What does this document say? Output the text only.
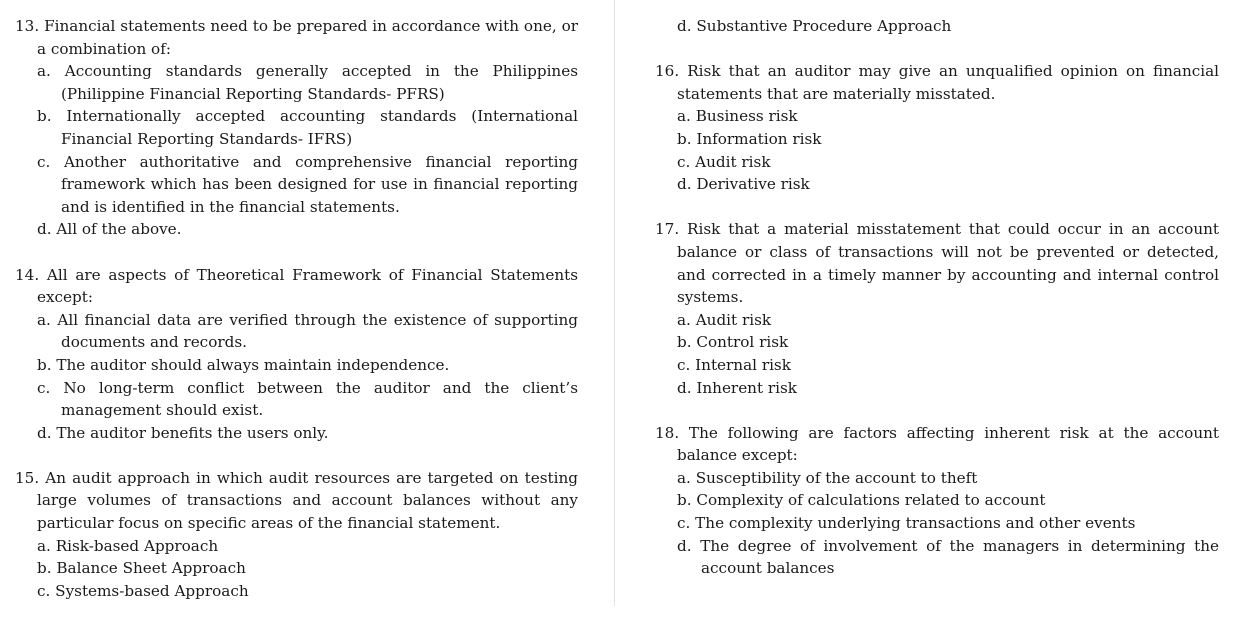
13. Financial statements need to be prepared in accordance with one, or a combination of:
a. Accounting standards generally accepted in the Philippines (Philippine Financial Reporting Standards- PFRS)
b. Internationally accepted accounting standards (International Financial Reporting Standards- IFRS)
c. Another authoritative and comprehensive financial reporting framework which has been designed for use in financial reporting and is identified in the financial statements.
d. All of the above.
14. All are aspects of Theoretical Framework of Financial Statements except:
a. All financial data are verified through the existence of supporting documents and records.
b. The auditor should always maintain independence.
c. No long-term conflict between the auditor and the client’s management should exist.
d. The auditor benefits the users only.
15. An audit approach in which audit resources are targeted on testing large volumes of transactions and account balances without any particular focus on specific areas of the financial statement.
a. Risk-based Approach
b. Balance Sheet Approach
c. Systems-based Approach
d. Substantive Procedure Approach
16. Risk that an auditor may give an unqualified opinion on financial statements that are materially misstated.
a. Business risk
b. Information risk
c. Audit risk
d. Derivative risk
17. Risk that a material misstatement that could occur in an account balance or class of transactions will not be prevented or detected, and corrected in a timely manner by accounting and internal control systems.
a. Audit risk
b. Control risk
c. Internal risk
d. Inherent risk
18. The following are factors affecting inherent risk at the account balance except:
a. Susceptibility of the account to theft
b. Complexity of calculations related to account
c. The complexity underlying transactions and other events
d. The degree of involvement of the managers in determining the account balances
